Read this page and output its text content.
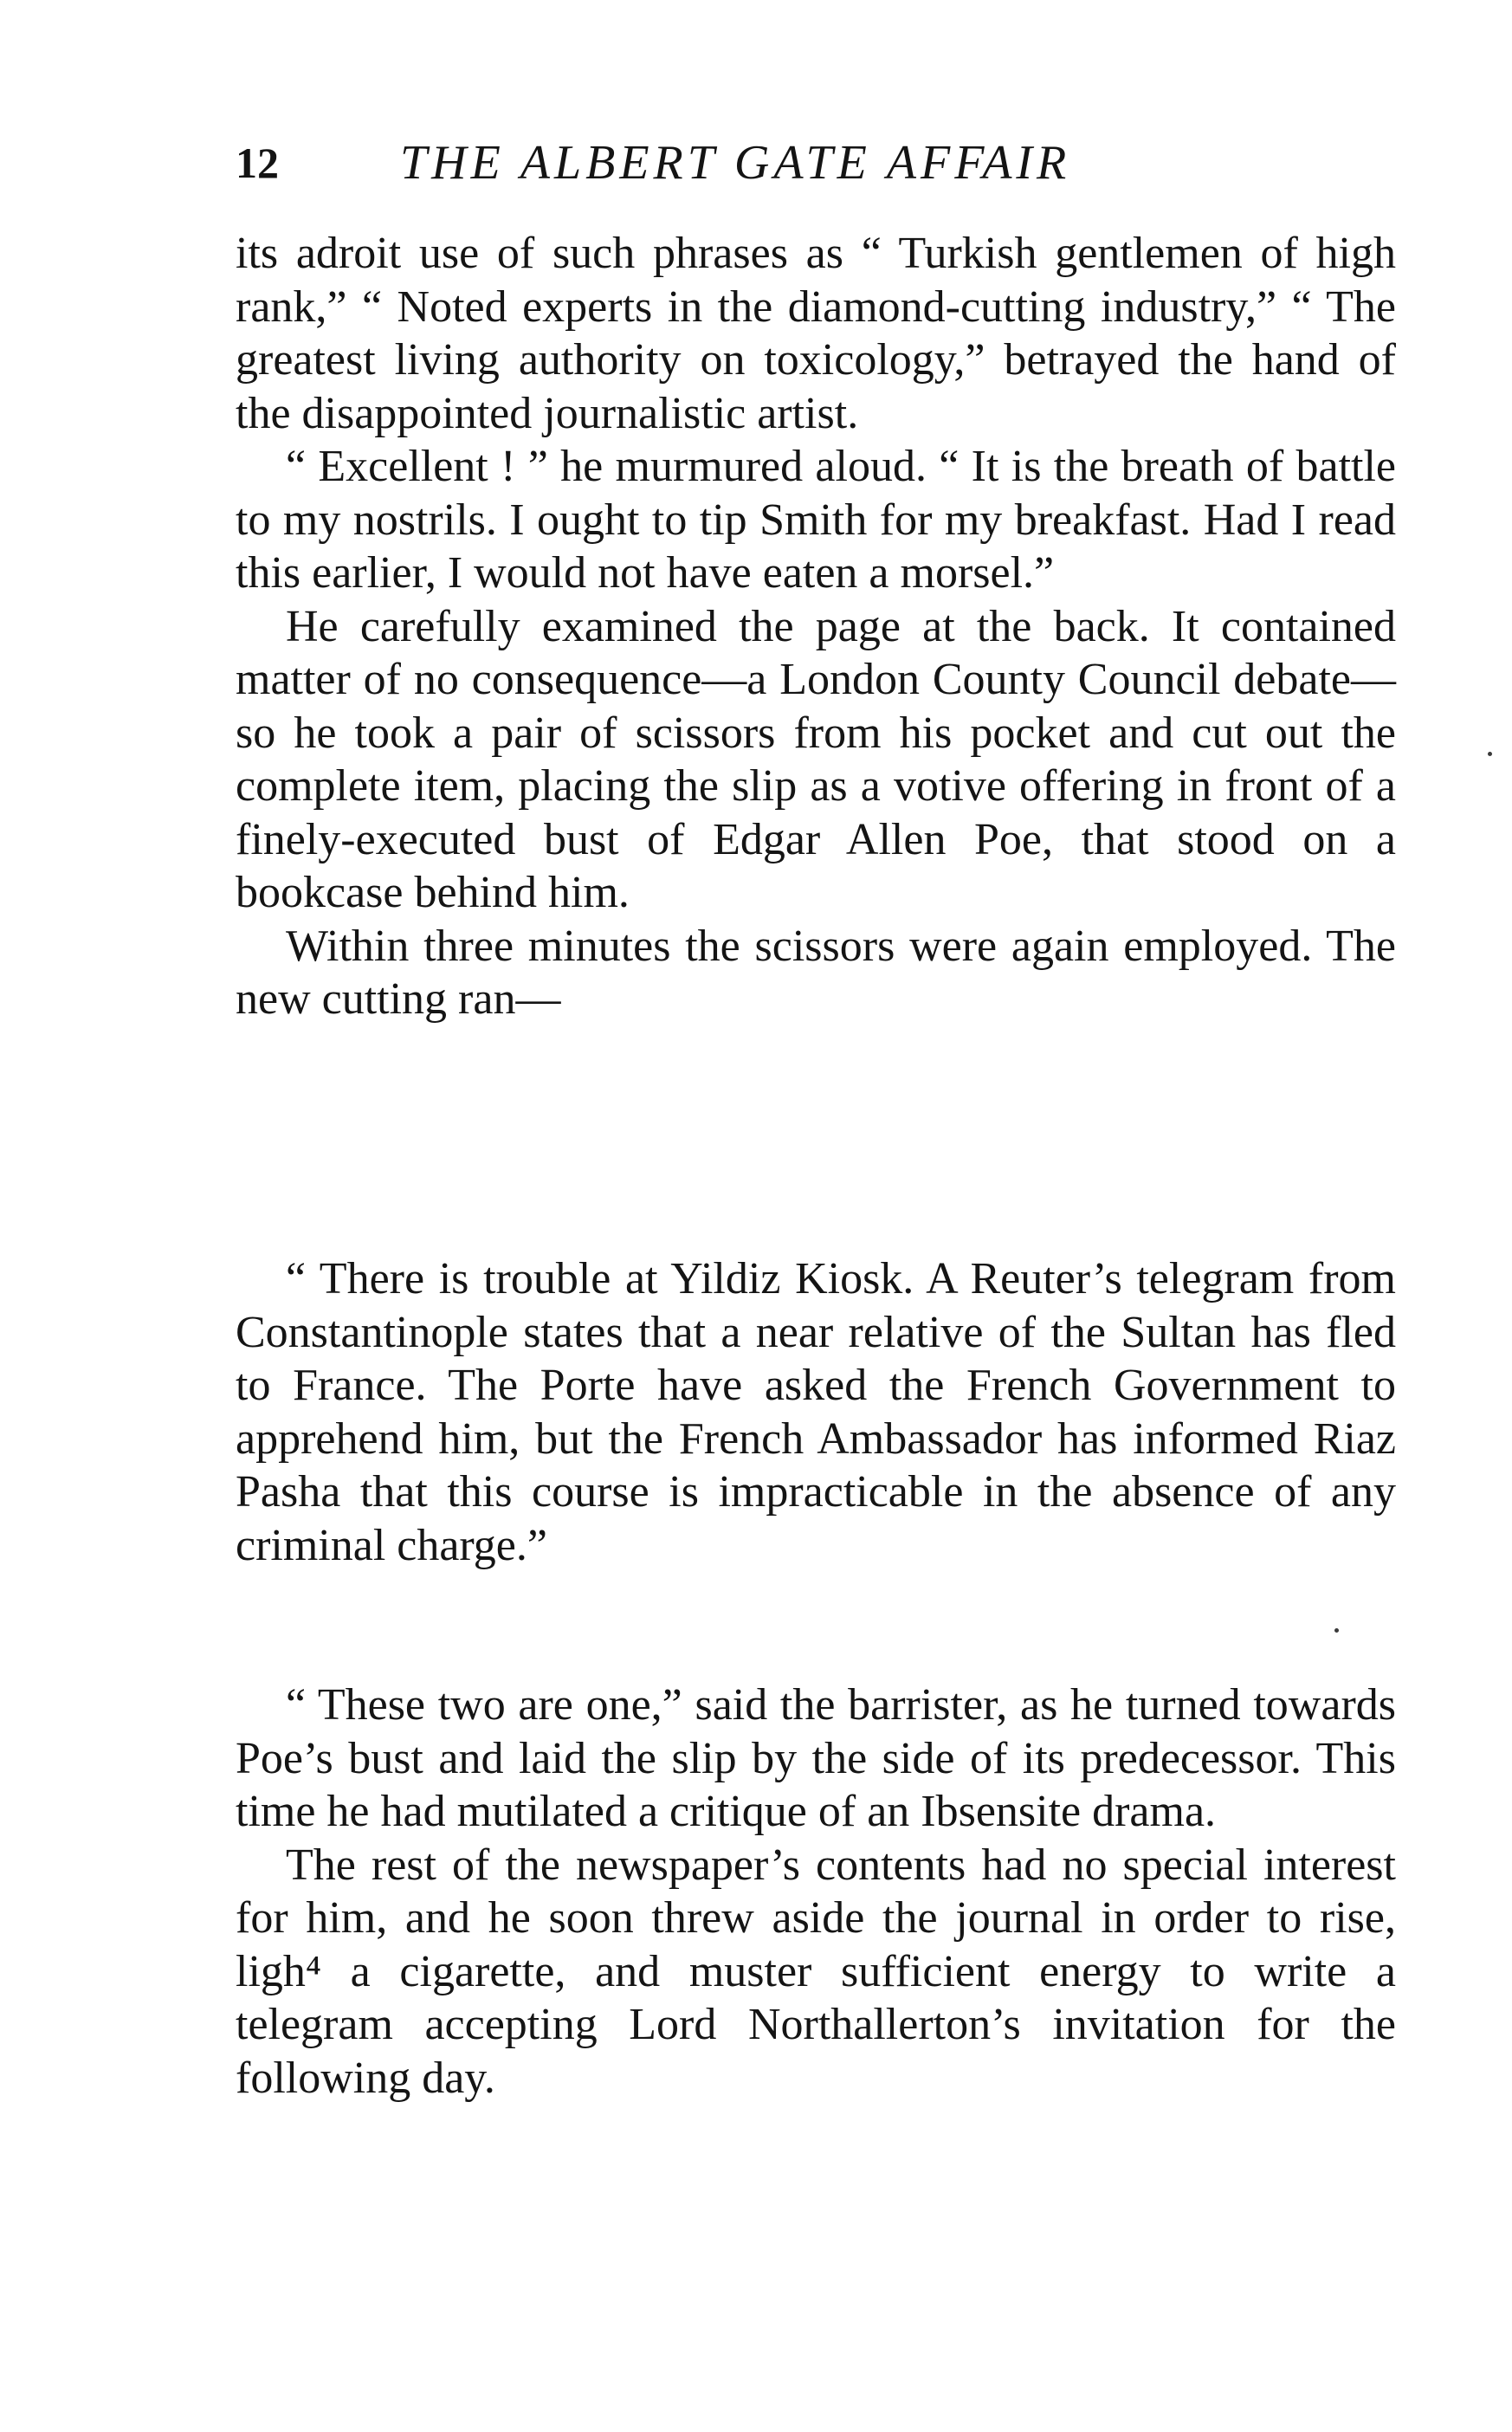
12	THE ALBERT GATE AFFAIR

its adroit use of such phrases as “ Turkish gentlemen of high rank,” “ Noted experts in the diamond-cutting industry,” “ The greatest living authority on toxicology,” betrayed the hand of the disappointed journalistic artist.

“ Excellent ! ” he murmured aloud. “ It is the breath of battle to my nostrils. I ought to tip Smith for my breakfast. Had I read this earlier, I would not have eaten a morsel.”

He carefully examined the page at the back. It contained matter of no consequence—a London County Council debate—so he took a pair of scissors from his pocket and cut out the complete item, placing the slip as a votive offering in front of a finely-executed bust of Edgar Allen Poe, that stood on a bookcase behind him.

Within three minutes the scissors were again employed. The new cutting ran—

“ There is trouble at Yildiz Kiosk. A Reuter’s telegram from Constantinople states that a near relative of the Sultan has fled to France. The Porte have asked the French Government to apprehend him, but the French Ambassador has informed Riaz Pasha that this course is impracticable in the absence of any criminal charge.”

“ These two are one,” said the barrister, as he turned towards Poe’s bust and laid the slip by the side of its predecessor. This time he had mutilated a critique of an Ibsensite drama.

The rest of the newspaper’s contents had no special interest for him, and he soon threw aside the journal in order to rise, ligh⁴ a cigarette, and muster sufficient energy to write a telegram accepting Lord Northallerton’s invitation for the following day.
